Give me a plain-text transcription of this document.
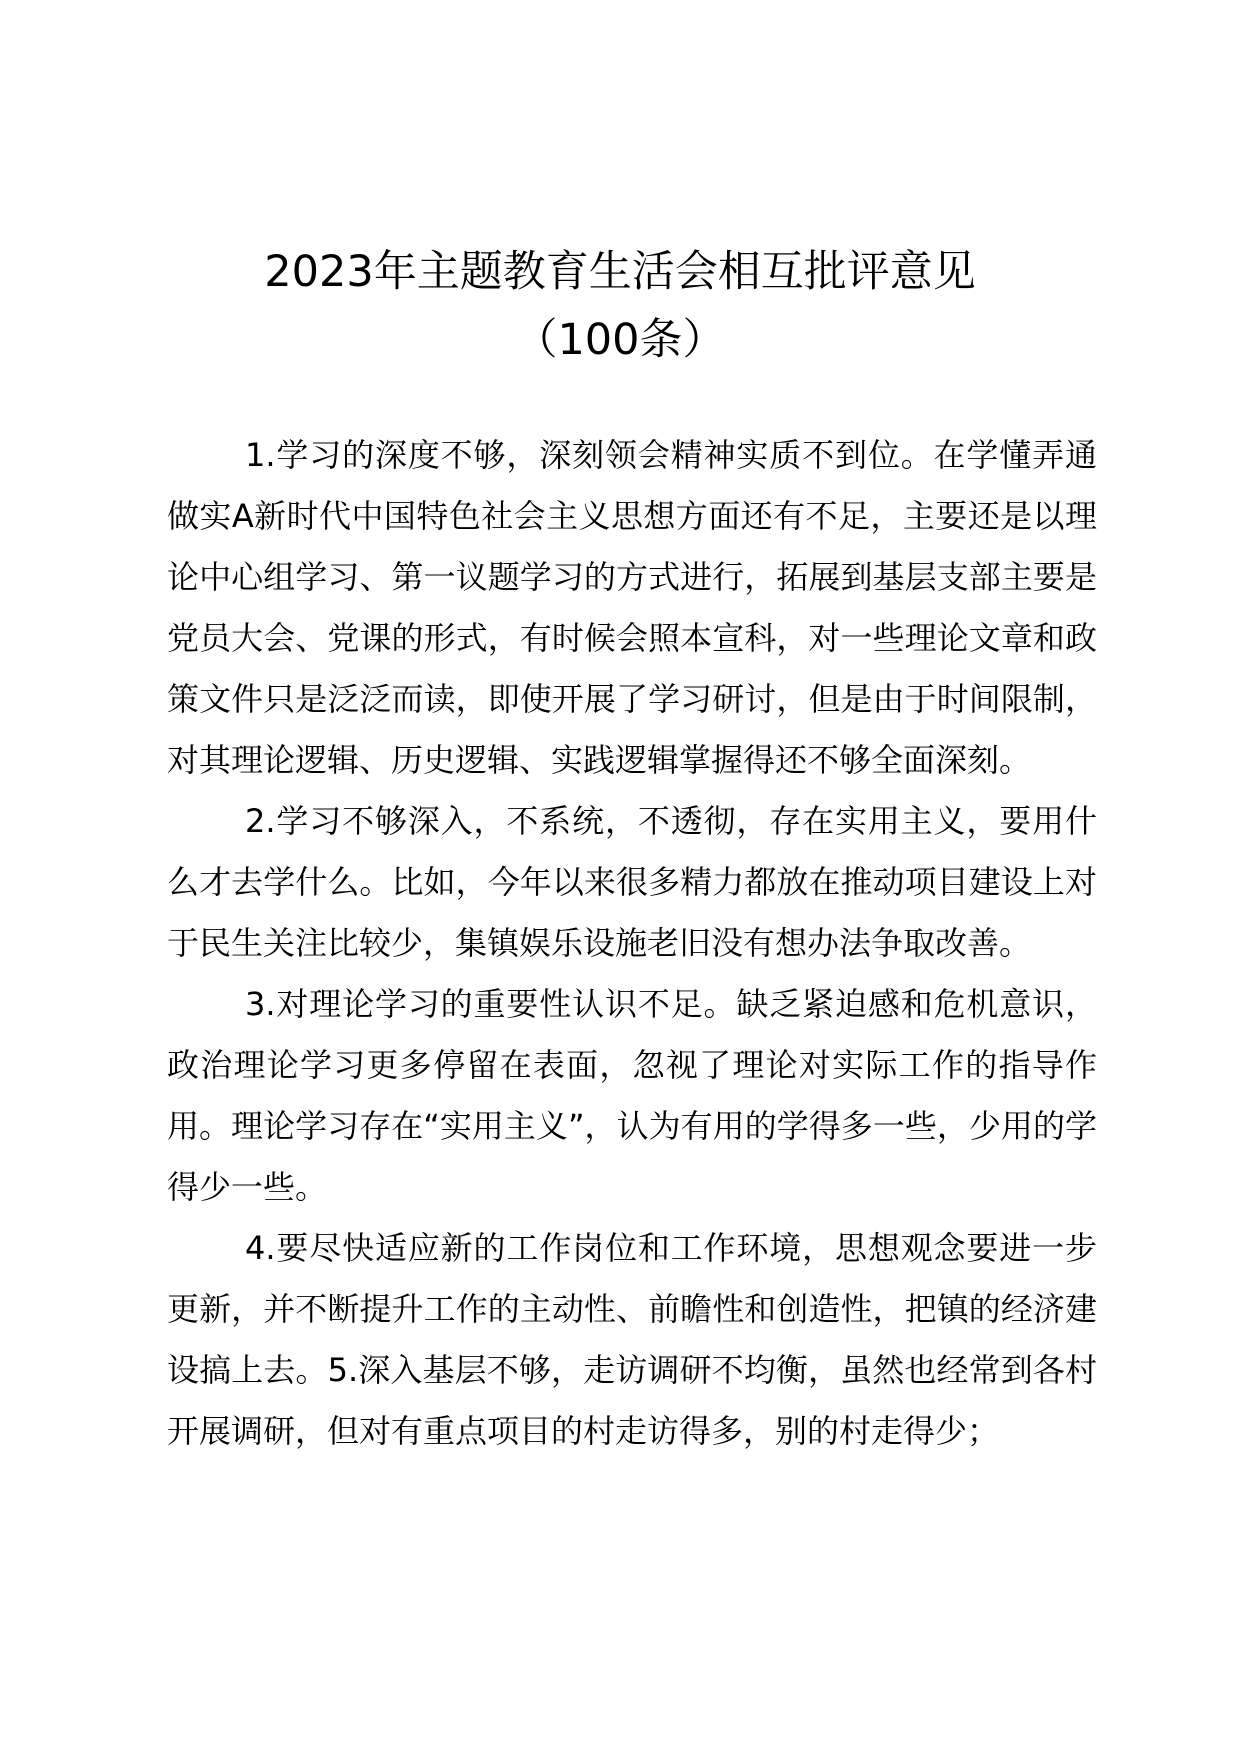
2023年主题教育生活会相互批评意见
（100条）

1.学习的深度不够，深刻领会精神实质不到位。在学懂弄通做实A新时代中国特色社会主义思想方面还有不足，主要还是以理论中心组学习、第一议题学习的方式进行，拓展到基层支部主要是党员大会、党课的形式，有时候会照本宣科，对一些理论文章和政策文件只是泛泛而读，即使开展了学习研讨，但是由于时间限制，对其理论逻辑、历史逻辑、实践逻辑掌握得还不够全面深刻。

2.学习不够深入，不系统，不透彻，存在实用主义，要用什么才去学什么。比如，今年以来很多精力都放在推动项目建设上对于民生关注比较少，集镇娱乐设施老旧没有想办法争取改善。

3.对理论学习的重要性认识不足。缺乏紧迫感和危机意识，政治理论学习更多停留在表面，忽视了理论对实际工作的指导作用。理论学习存在“实用主义”，认为有用的学得多一些，少用的学得少一些。

4.要尽快适应新的工作岗位和工作环境，思想观念要进一步更新，并不断提升工作的主动性、前瞻性和创造性，把镇的经济建设搞上去。5.深入基层不够，走访调研不均衡，虽然也经常到各村开展调研，但对有重点项目的村走访得多，别的村走得少；
